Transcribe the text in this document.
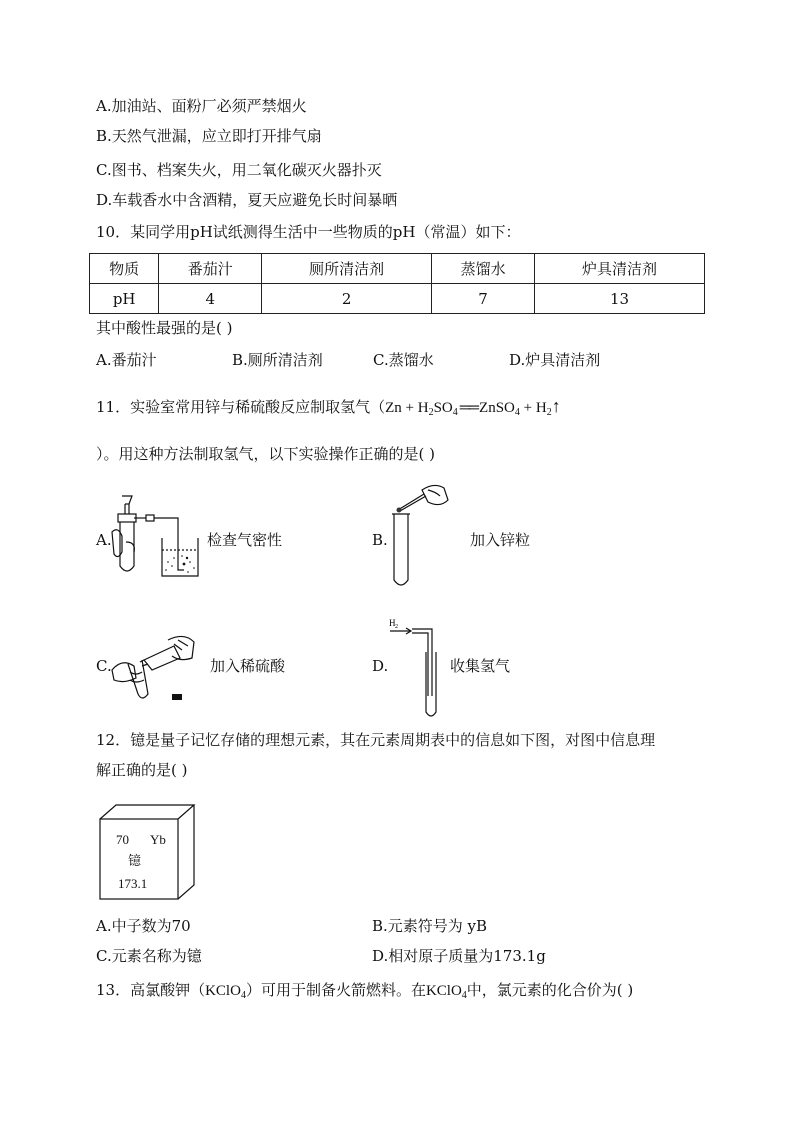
A.加油站、面粉厂必须严禁烟火
B.天然气泄漏，应立即打开排气扇
C.图书、档案失火，用二氧化碳灭火器扑灭
D.车载香水中含酒精，夏天应避免长时间暴晒
10．某同学用pH试纸测得生活中一些物质的pH（常温）如下：
物质	番茄汁	厕所清洁剂	蒸馏水	炉具清洁剂
pH	4	2	7	13
其中酸性最强的是( )
A.番茄汁	B.厕所清洁剂	C.蒸馏水	D.炉具清洁剂
11．实验室常用锌与稀硫酸反应制取氢气（$Zn + H_2SO_4$ ══ ZnSO$_4$ + $H_2↑$
）。用这种方法制取氢气，以下实验操作正确的是( )
A.	检查气密性	B.	加入锌粒
C.	加入稀硫酸	D.
H 2
收集氢气
12．镱是量子记忆存储的理想元素，其在元素周期表中的信息如下图，对图中信息理
解正确的是( )
70 Yb
镱
173.1
A.中子数为70	B.元素符号为 yB
C.元素名称为镱	D.相对原子质量为173.1g
13．高氯酸钾（KClO$_4$）可用于制备火箭燃料。在KClO$_4$中，氯元素的化合价为( )
